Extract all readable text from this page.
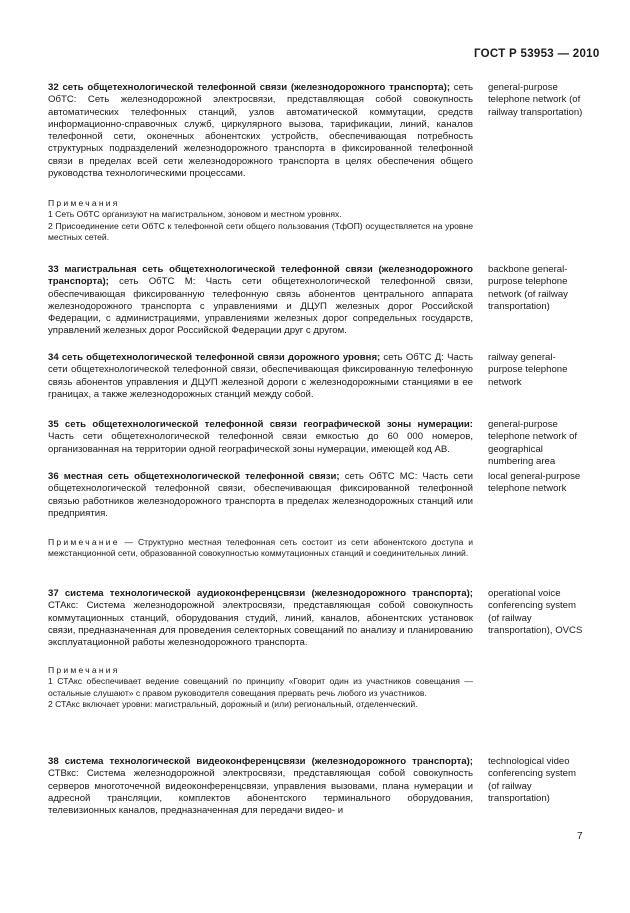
ГОСТ Р 53953 — 2010
32 сеть общетехнологической телефонной связи (железнодорожного транспорта); сеть ОбТС: Сеть железнодорожной электросвязи, представляющая собой совокупность автоматических телефонных станций, узлов автоматической коммутации, средств информационно-справочных служб, циркулярного вызова, тарификации, линий, каналов телефонной сети, оконечных абонентских устройств, обеспечивающая потребность структурных подразделений железнодорожного транспорта в фиксированной телефонной связи в пределах всей сети железнодорожного транспорта в целях обеспечения общего руководства технологическими процессами.
general-purpose telephone network (of railway transportation)
Примечания
1 Сеть ОбТС организуют на магистральном, зоновом и местном уровнях.
2 Присоединение сети ОбТС к телефонной сети общего пользования (ТфОП) осуществляется на уровне местных сетей.
33 магистральная сеть общетехнологической телефонной связи (железнодорожного транспорта); сеть ОбТС М: Часть сети общетехнологической телефонной связи, обеспечивающая фиксированную телефонную связь абонентов центрального аппарата железнодорожного транспорта с управлениями и ДЦУП железных дорог Российской Федерации, с администрациями, управлениями железных дорог сопредельных государств, управлений железных дорог Российской Федерации друг с другом.
backbone general-purpose telephone network (of railway transportation)
34 сеть общетехнологической телефонной связи дорожного уровня; сеть ОбТС Д: Часть сети общетехнологической телефонной связи, обеспечивающая фиксированную телефонную связь абонентов управления и ДЦУП железной дороги с железнодорожными станциями в ее границах, а также железнодорожных станций между собой.
railway general-purpose telephone network
35 сеть общетехнологической телефонной связи географической зоны нумерации: Часть сети общетехнологической телефонной связи емкостью до 60 000 номеров, организованная на территории одной географической зоны нумерации, имеющей код АВ.
general-purpose telephone network of geographical numbering area
36 местная сеть общетехнологической телефонной связи; сеть ОбТС МС: Часть сети общетехнологической телефонной связи, обеспечивающая фиксированной телефонной связью работников железнодорожного транспорта в пределах железнодорожных станций или предприятия.
local general-purpose telephone network
Примечание — Структурно местная телефонная сеть состоит из сети абонентского доступа и межстанционной сети, образованной совокупностью коммутационных станций и соединительных линий.
37 система технологической аудиоконференцсвязи (железнодорожного транспорта); СТАкс: Система железнодорожной электросвязи, представляющая собой совокупность коммутационных станций, оборудования студий, линий, каналов, абонентских установок связи, предназначенная для проведения селекторных совещаний по анализу и планированию эксплуатационной работы железнодорожного транспорта.
operational voice conferencing system (of railway transportation), OVCS
Примечания
1 СТАкс обеспечивает ведение совещаний по принципу «Говорит один из участников совещания — остальные слушают» с правом руководителя совещания прервать речь любого из участников.
2 СТАкс включает уровни: магистральный, дорожный и (или) региональный, отделенческий.
38 система технологической видеоконференцсвязи (железнодорожного транспорта); СТВкс: Система железнодорожной электросвязи, представляющая собой совокупность серверов многоточечной видеоконференцсвязи, управления вызовами, плана нумерации и адресной трансляции, комплектов абонентского терминального оборудования, телевизионных каналов, предназначенная для передачи видео- и
technological video conferencing system (of railway transportation)
7
